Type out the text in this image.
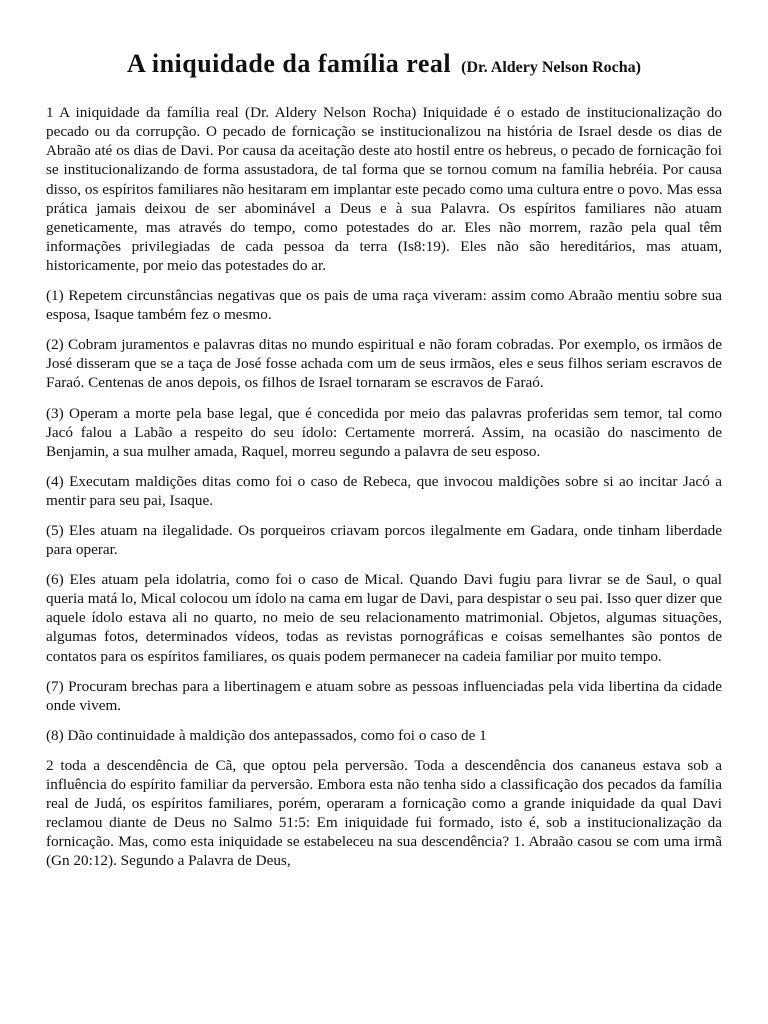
A iniquidade da família real (Dr. Aldery Nelson Rocha)

1 A iniquidade da família real (Dr. Aldery Nelson Rocha) Iniquidade é o estado de institucionalização do pecado ou da corrupção. O pecado de fornicação se institucionalizou na história de Israel desde os dias de Abraão até os dias de Davi. Por causa da aceitação deste ato hostil entre os hebreus, o pecado de fornicação foi se institucionalizando de forma assustadora, de tal forma que se tornou comum na família hebréia. Por causa disso, os espíritos familiares não hesitaram em implantar este pecado como uma cultura entre o povo. Mas essa prática jamais deixou de ser abominável a Deus e à sua Palavra. Os espíritos familiares não atuam geneticamente, mas através do tempo, como potestades do ar. Eles não morrem, razão pela qual têm informações privilegiadas de cada pessoa da terra (Is8:19). Eles não são hereditários, mas atuam, historicamente, por meio das potestades do ar.

(1) Repetem circunstâncias negativas que os pais de uma raça viveram: assim como Abraão mentiu sobre sua esposa, Isaque também fez o mesmo.

(2) Cobram juramentos e palavras ditas no mundo espiritual e não foram cobradas. Por exemplo, os irmãos de José disseram que se a taça de José fosse achada com um de seus irmãos, eles e seus filhos seriam escravos de Faraó. Centenas de anos depois, os filhos de Israel tornaram se escravos de Faraó.

(3) Operam a morte pela base legal, que é concedida por meio das palavras proferidas sem temor, tal como Jacó falou a Labão a respeito do seu ídolo: Certamente morrerá. Assim, na ocasião do nascimento de Benjamin, a sua mulher amada, Raquel, morreu segundo a palavra de seu esposo.

(4) Executam maldições ditas como foi o caso de Rebeca, que invocou maldições sobre si ao incitar Jacó a mentir para seu pai, Isaque.

(5) Eles atuam na ilegalidade. Os porqueiros criavam porcos ilegalmente em Gadara, onde tinham liberdade para operar.

(6) Eles atuam pela idolatria, como foi o caso de Mical. Quando Davi fugiu para livrar se de Saul, o qual queria matá lo, Mical colocou um ídolo na cama em lugar de Davi, para despistar o seu pai. Isso quer dizer que aquele ídolo estava ali no quarto, no meio de seu relacionamento matrimonial. Objetos, algumas situações, algumas fotos, determinados vídeos, todas as revistas pornográficas e coisas semelhantes são pontos de contatos para os espíritos familiares, os quais podem permanecer na cadeia familiar por muito tempo.

(7) Procuram brechas para a libertinagem e atuam sobre as pessoas influenciadas pela vida libertina da cidade onde vivem.

(8) Dão continuidade à maldição dos antepassados, como foi o caso de 1

2 toda a descendência de Cã, que optou pela perversão. Toda a descendência dos cananeus estava sob a influência do espírito familiar da perversão. Embora esta não tenha sido a classificação dos pecados da família real de Judá, os espíritos familiares, porém, operaram a fornicação como a grande iniquidade da qual Davi reclamou diante de Deus no Salmo 51:5: Em iniquidade fui formado, isto é, sob a institucionalização da fornicação. Mas, como esta iniquidade se estabeleceu na sua descendência? 1. Abraão casou se com uma irmã (Gn 20:12). Segundo a Palavra de Deus,
